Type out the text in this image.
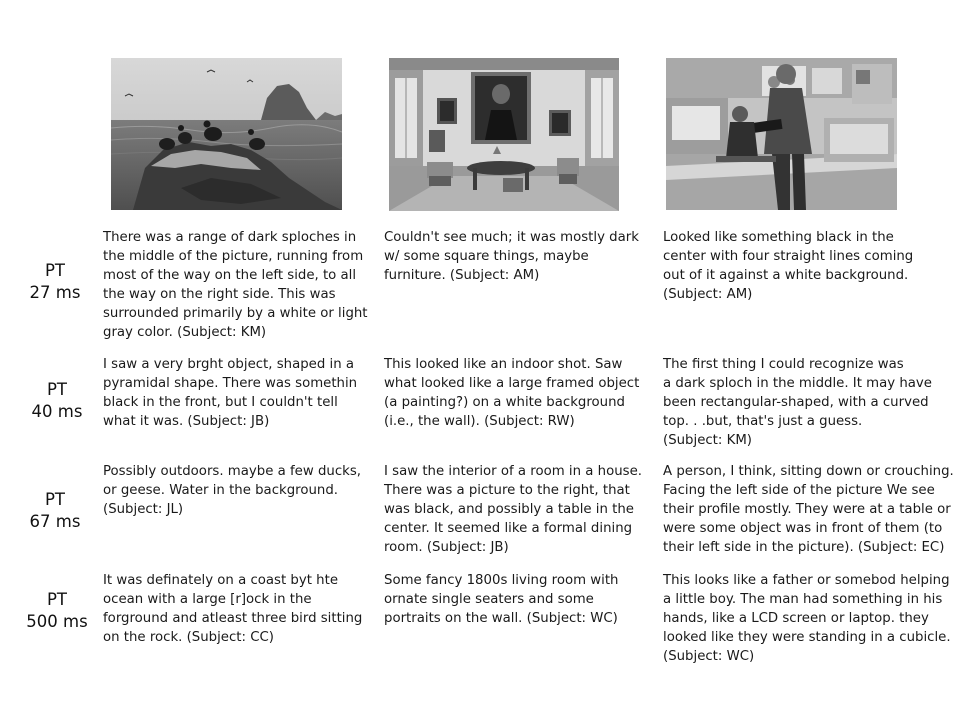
PT
27 ms
PT
40 ms
PT
67 ms
PT
500 ms
There was a range of dark sploches in
the middle of the picture, running from
most of the way on the left side, to all
the way on the right side. This was
surrounded primarily by a white or light
gray color. (Subject: KM)
Couldn't see much; it was mostly dark
w/ some square things, maybe
furniture. (Subject: AM)
Looked like something black in the
center with four straight lines coming
out of it against a white background.
(Subject: AM)
I saw a very brght object, shaped in a
pyramidal shape. There was somethin
black in the front, but I couldn't tell
what it was. (Subject: JB)
This looked like an indoor shot. Saw
what looked like a large framed object
(a painting?) on a white background
(i.e., the wall). (Subject: RW)
The first thing I could recognize was
a dark sploch in the middle. It may have
been rectangular-shaped, with a curved
top. . .but, that's just a guess.
(Subject: KM)
Possibly outdoors. maybe a few ducks,
or geese. Water in the background.
(Subject: JL)
I saw the interior of a room in a house.
There was a picture to the right, that
was black, and possibly a table in the
center. It seemed like a formal dining
room. (Subject: JB)
A person, I think, sitting down or crouching.
Facing the left side of the picture We see
their profile mostly. They were at a table or
were some object was in front of them (to
their left side in the picture). (Subject: EC)
It was definately on a coast byt hte
ocean with a large [r]ock in the
forground and atleast three bird sitting
on the rock. (Subject: CC)
Some fancy 1800s living room with
ornate single seaters and some
portraits on the wall. (Subject: WC)
This looks like a father or somebod helping
a little boy. The man had something in his
hands, like a LCD screen or laptop. they
looked like they were standing in a cubicle.
(Subject: WC)
